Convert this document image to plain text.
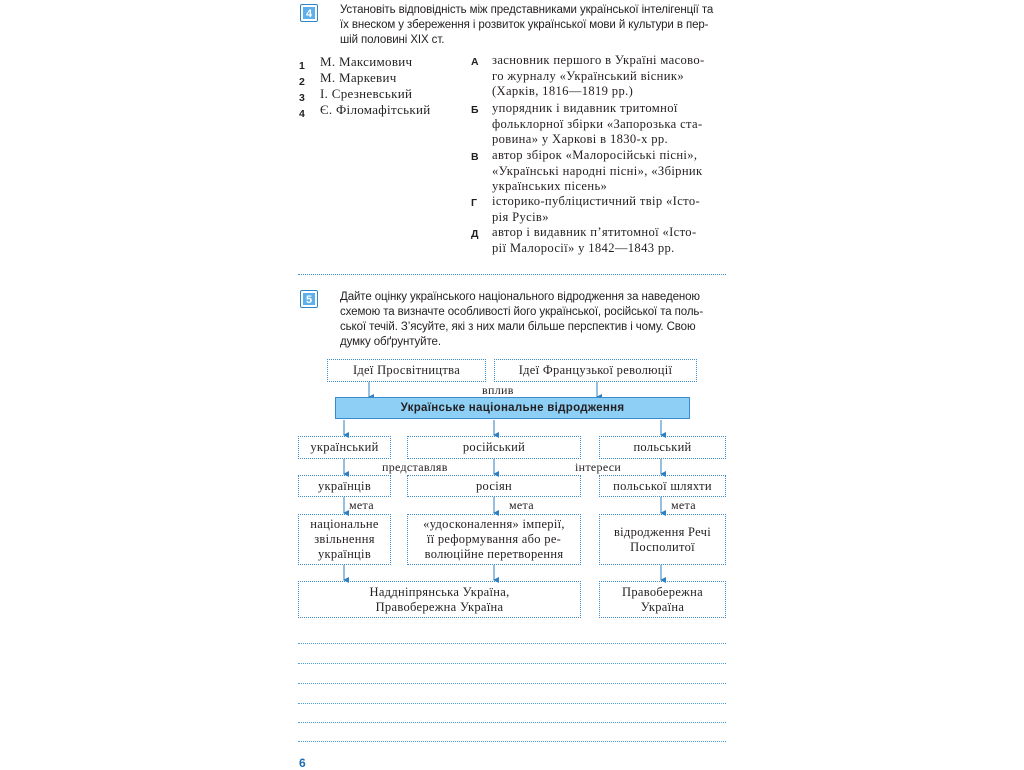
4 Установіть відповідність між представниками української інтелігенції та
їх внеском у збереження і розвиток української мови й культури в пер-
шій половині ХІХ ст.
1 М. Максимович
2 М. Маркевич
3 І. Срезневський
4 Є. Філомафітський
А засновник першого в Україні масово-
го журналу «Український вісник»
(Харків, 1816—1819 рр.)
Б упорядник і видавник тритомної
фольклорної збірки «Запорозька ста-
ровина» у Харкові в 1830-х рр.
В автор збірок «Малоросійські пісні»,
«Українські народні пісні», «Збірник
українських пісень»
Г історико-публіцистичний твір «Істо-
рія Русів»
Д автор і видавник п’ятитомної «Істо-
рії Малоросії» у 1842—1843 рр.
5 Дайте оцінку українського національного відродження за наведеною
схемою та визначте особливості його української, російської та поль-
ської течій. З’ясуйте, які з них мали більше перспектив і чому. Свою
думку обґрунтуйте.
Ідеї Просвітництва	Ідеї Французької революції
вплив
Українське національне відродження
український	російський	польський
представляв	інтереси
українців	росіян	польської шляхти
мета	мета	мета
національне
звільнення
українців
«удосконалення» імперії,
її реформування або ре-
волюційне перетворення
відродження Речі
Посполитої
Наддніпрянська Україна,
Правобережна Україна
Правобережна
Україна
6
